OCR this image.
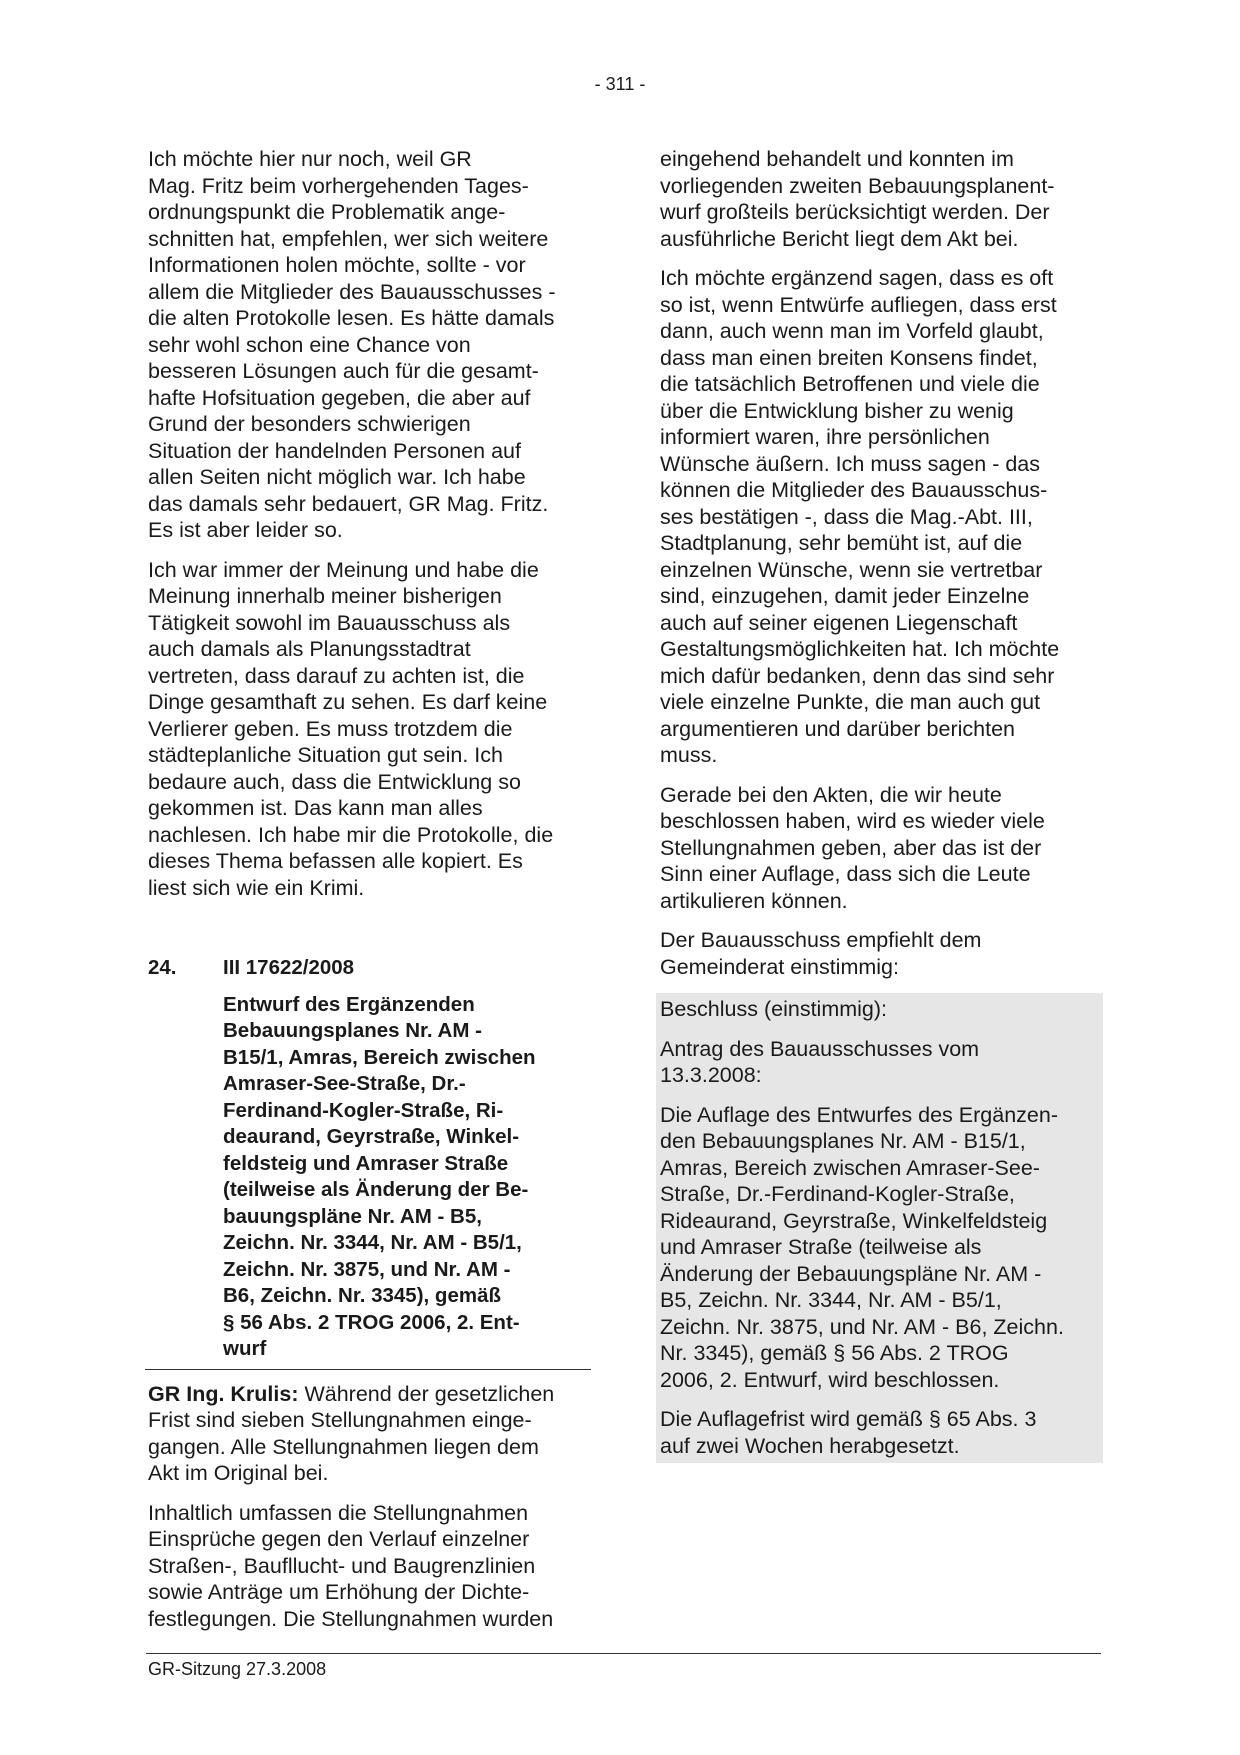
- 311 -

Ich möchte hier nur noch, weil GR
Mag. Fritz beim vorhergehenden Tages-
ordnungspunkt die Problematik ange-
schnitten hat, empfehlen, wer sich weitere
Informationen holen möchte, sollte - vor
allem die Mitglieder des Bauausschusses -
die alten Protokolle lesen. Es hätte damals
sehr wohl schon eine Chance von
besseren Lösungen auch für die gesamt-
hafte Hofsituation gegeben, die aber auf
Grund der besonders schwierigen
Situation der handelnden Personen auf
allen Seiten nicht möglich war. Ich habe
das damals sehr bedauert, GR Mag. Fritz.
Es ist aber leider so.

Ich war immer der Meinung und habe die
Meinung innerhalb meiner bisherigen
Tätigkeit sowohl im Bauausschuss als
auch damals als Planungsstadtrat
vertreten, dass darauf zu achten ist, die
Dinge gesamthaft zu sehen. Es darf keine
Verlierer geben. Es muss trotzdem die
städteplanliche Situation gut sein. Ich
bedaure auch, dass die Entwicklung so
gekommen ist. Das kann man alles
nachlesen. Ich habe mir die Protokolle, die
dieses Thema befassen alle kopiert. Es
liest sich wie ein Krimi.

24.	III 17622/2008
Entwurf des Ergänzenden
Bebauungsplanes Nr. AM -
B15/1, Amras, Bereich zwischen
Amraser-See-Straße, Dr.-
Ferdinand-Kogler-Straße, Ri-
deaurand, Geyrstraße, Winkel-
feldsteig und Amraser Straße
(teilweise als Änderung der Be-
bauungspläne Nr. AM - B5,
Zeichn. Nr. 3344, Nr. AM - B5/1,
Zeichn. Nr. 3875, und Nr. AM -
B6, Zeichn. Nr. 3345), gemäß
§ 56 Abs. 2 TROG 2006, 2. Ent-
wurf

GR Ing. Krulis: Während der gesetzlichen
Frist sind sieben Stellungnahmen einge-
gangen. Alle Stellungnahmen liegen dem
Akt im Original bei.

Inhaltlich umfassen die Stellungnahmen
Einsprüche gegen den Verlauf einzelner
Straßen-, Baufllucht- und Baugrenzlinien
sowie Anträge um Erhöhung der Dichte-
festlegungen. Die Stellungnahmen wurden

eingehend behandelt und konnten im
vorliegenden zweiten Bebauungsplanent-
wurf großteils berücksichtigt werden. Der
ausführliche Bericht liegt dem Akt bei.

Ich möchte ergänzend sagen, dass es oft
so ist, wenn Entwürfe aufliegen, dass erst
dann, auch wenn man im Vorfeld glaubt,
dass man einen breiten Konsens findet,
die tatsächlich Betroffenen und viele die
über die Entwicklung bisher zu wenig
informiert waren, ihre persönlichen
Wünsche äußern. Ich muss sagen - das
können die Mitglieder des Bauausschus-
ses bestätigen -, dass die Mag.-Abt. III,
Stadtplanung, sehr bemüht ist, auf die
einzelnen Wünsche, wenn sie vertretbar
sind, einzugehen, damit jeder Einzelne
auch auf seiner eigenen Liegenschaft
Gestaltungsmöglichkeiten hat. Ich möchte
mich dafür bedanken, denn das sind sehr
viele einzelne Punkte, die man auch gut
argumentieren und darüber berichten
muss.

Gerade bei den Akten, die wir heute
beschlossen haben, wird es wieder viele
Stellungnahmen geben, aber das ist der
Sinn einer Auflage, dass sich die Leute
artikulieren können.

Der Bauausschuss empfiehlt dem
Gemeinderat einstimmig:

Beschluss (einstimmig):

Antrag des Bauausschusses vom
13.3.2008:

Die Auflage des Entwurfes des Ergänzen-
den Bebauungsplanes Nr. AM - B15/1,
Amras, Bereich zwischen Amraser-See-
Straße, Dr.-Ferdinand-Kogler-Straße,
Rideaurand, Geyrstraße, Winkelfeldsteig
und Amraser Straße (teilweise als
Änderung der Bebauungspläne Nr. AM -
B5, Zeichn. Nr. 3344, Nr. AM - B5/1,
Zeichn. Nr. 3875, und Nr. AM - B6, Zeichn.
Nr. 3345), gemäß § 56 Abs. 2 TROG
2006, 2. Entwurf, wird beschlossen.

Die Auflagefrist wird gemäß § 65 Abs. 3
auf zwei Wochen herabgesetzt.

GR-Sitzung 27.3.2008
